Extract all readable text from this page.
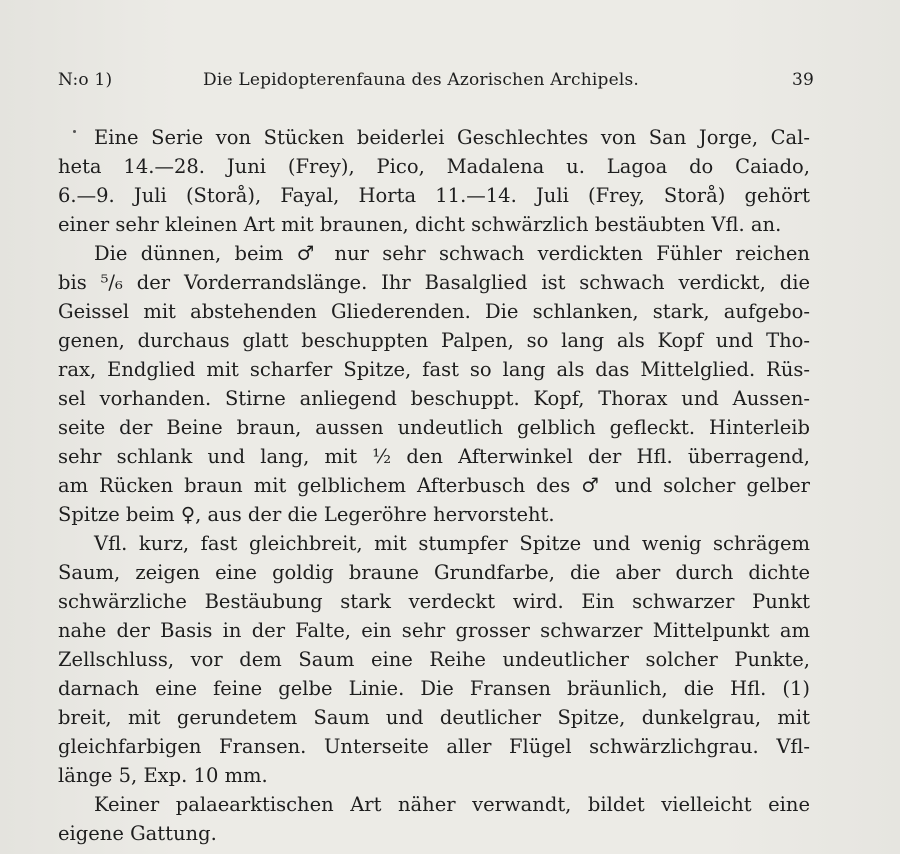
N:o 1)	Die Lepidopterenfauna des Azorischen Archipels.	39
Eine Serie von Stücken beiderlei Geschlechtes von San Jorge, Cal-
heta 14.—28. Juni (Frey), Pico, Madalena u. Lagoa do Caiado,
6.—9. Juli (Storå), Fayal, Horta 11.—14. Juli (Frey, Storå) gehört
einer sehr kleinen Art mit braunen, dicht schwärzlich bestäubten Vfl. an.
Die dünnen, beim ♂ nur sehr schwach verdickten Fühler reichen
bis ⁵/₆ der Vorderrandslänge. Ihr Basalglied ist schwach verdickt, die
Geissel mit abstehenden Gliederenden. Die schlanken, stark, aufgebo-
genen, durchaus glatt beschuppten Palpen, so lang als Kopf und Tho-
rax, Endglied mit scharfer Spitze, fast so lang als das Mittelglied. Rüs-
sel vorhanden. Stirne anliegend beschuppt. Kopf, Thorax und Aussen-
seite der Beine braun, aussen undeutlich gelblich gefleckt. Hinterleib
sehr schlank und lang, mit ½ den Afterwinkel der Hfl. überragend,
am Rücken braun mit gelblichem Afterbusch des ♂ und solcher gelber
Spitze beim ♀, aus der die Legeröhre hervorsteht.
Vfl. kurz, fast gleichbreit, mit stumpfer Spitze und wenig schrägem
Saum, zeigen eine goldig braune Grundfarbe, die aber durch dichte
schwärzliche Bestäubung stark verdeckt wird. Ein schwarzer Punkt
nahe der Basis in der Falte, ein sehr grosser schwarzer Mittelpunkt am
Zellschluss, vor dem Saum eine Reihe undeutlicher solcher Punkte,
darnach eine feine gelbe Linie. Die Fransen bräunlich, die Hfl. (1)
breit, mit gerundetem Saum und deutlicher Spitze, dunkelgrau, mit
gleichfarbigen Fransen. Unterseite aller Flügel schwärzlichgrau. Vfl-
länge 5, Exp. 10 mm.
Keiner palaearktischen Art näher verwandt, bildet vielleicht eine
eigene Gattung.
